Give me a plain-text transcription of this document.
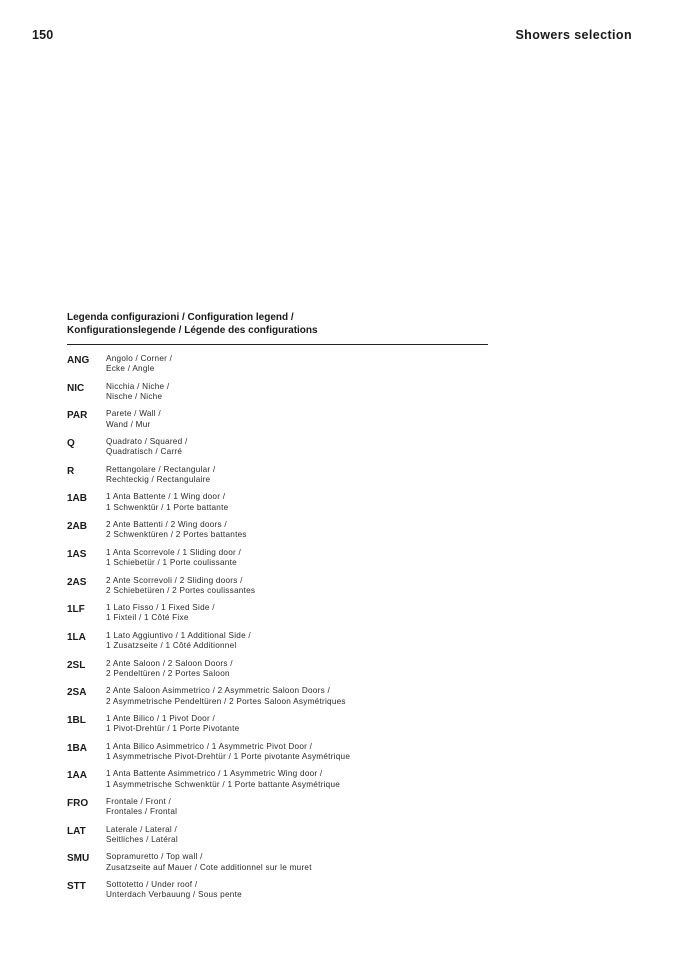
150	Showers selection
Legenda configurazioni / Configuration legend /
Konfigurationslegende / Légende des configurations
ANG	Angolo / Corner /
Ecke / Angle
NIC	Nicchia / Niche /
Nische / Niche
PAR	Parete / Wall /
Wand / Mur
Q	Quadrato / Squared /
Quadratisch / Carré
R	Rettangolare / Rectangular /
Rechteckig / Rectangulaire
1AB	1 Anta Battente / 1 Wing door /
1 Schwenktür / 1 Porte battante
2AB	2 Ante Battenti / 2 Wing doors /
2 Schwenktüren / 2 Portes battantes
1AS	1 Anta Scorrevole / 1 Sliding door /
1 Schiebetür / 1 Porte coulissante
2AS	2 Ante Scorrevoli / 2 Sliding doors /
2 Schiebetüren / 2 Portes coulissantes
1LF	1 Lato Fisso / 1 Fixed Side /
1 Fixteil / 1 Côté Fixe
1LA	1 Lato Aggiuntivo / 1 Additional Side /
1 Zusatzseite / 1 Côté Additionnel
2SL	2 Ante Saloon / 2 Saloon Doors /
2 Pendeltüren / 2 Portes Saloon
2SA	2 Ante Saloon Asimmetrico / 2 Asymmetric Saloon Doors /
2 Asymmetrische Pendeltüren / 2 Portes Saloon Asymétriques
1BL	1 Ante Bilico / 1 Pivot Door /
1 Pivot-Drehtür / 1 Porte Pivotante
1BA	1 Anta Bilico Asimmetrico / 1 Asymmetric Pivot Door /
1 Asymmetrische Pivot-Drehtür / 1 Porte pivotante Asymétrique
1AA	1 Anta Battente Asimmetrico / 1 Asymmetric Wing door /
1 Asymmetrische Schwenktür / 1 Porte battante Asymétrique
FRO	Frontale / Front /
Frontales / Frontal
LAT	Laterale / Lateral /
Seitliches / Latéral
SMU	Sopramuretto / Top wall /
Zusatzseite auf Mauer / Cote additionnel sur le muret
STT	Sottotetto / Under roof /
Unterdach Verbauung / Sous pente
